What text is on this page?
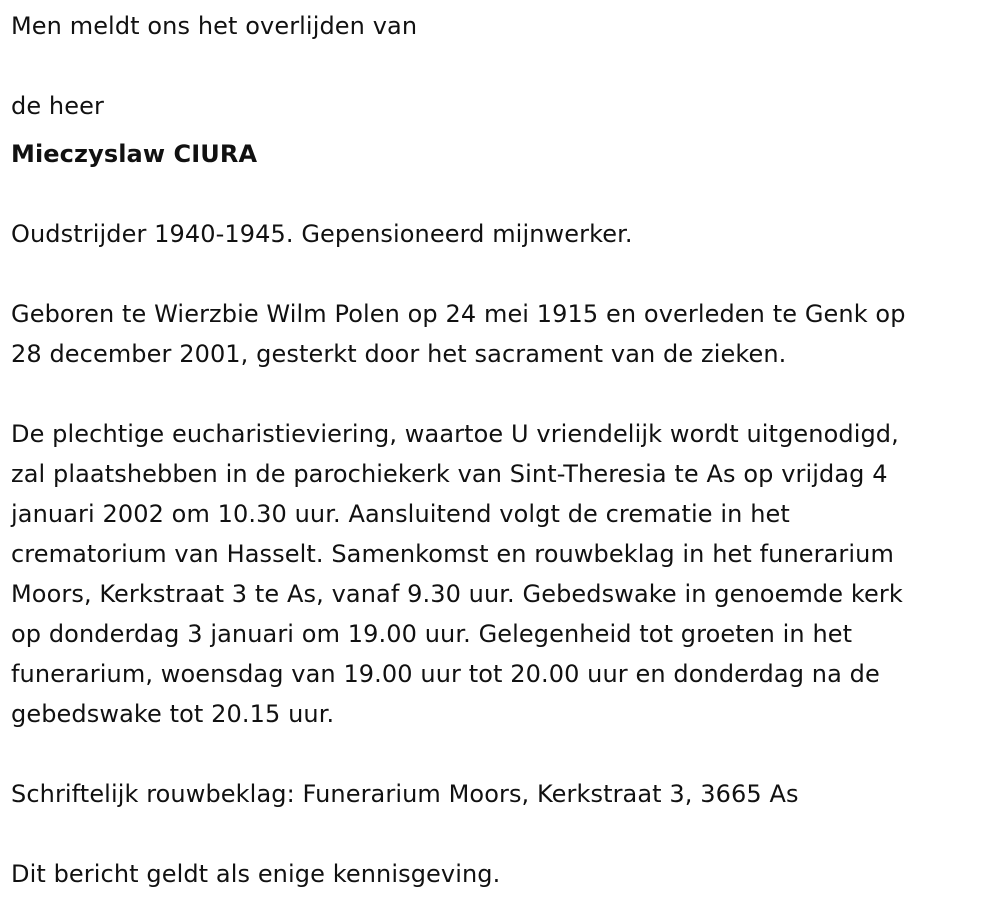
Men meldt ons het overlijden van

de heer

Mieczyslaw CIURA

Oudstrijder 1940-1945. Gepensioneerd mijnwerker.

Geboren te Wierzbie Wilm Polen op 24 mei 1915 en overleden te Genk op
28 december 2001, gesterkt door het sacrament van de zieken.

De plechtige eucharistieviering, waartoe U vriendelijk wordt uitgenodigd,
zal plaatshebben in de parochiekerk van Sint-Theresia te As op vrijdag 4
januari 2002 om 10.30 uur. Aansluitend volgt de crematie in het
crematorium van Hasselt. Samenkomst en rouwbeklag in het funerarium
Moors, Kerkstraat 3 te As, vanaf 9.30 uur. Gebedswake in genoemde kerk
op donderdag 3 januari om 19.00 uur. Gelegenheid tot groeten in het
funerarium, woensdag van 19.00 uur tot 20.00 uur en donderdag na de
gebedswake tot 20.15 uur.

Schriftelijk rouwbeklag: Funerarium Moors, Kerkstraat 3, 3665 As

Dit bericht geldt als enige kennisgeving.
